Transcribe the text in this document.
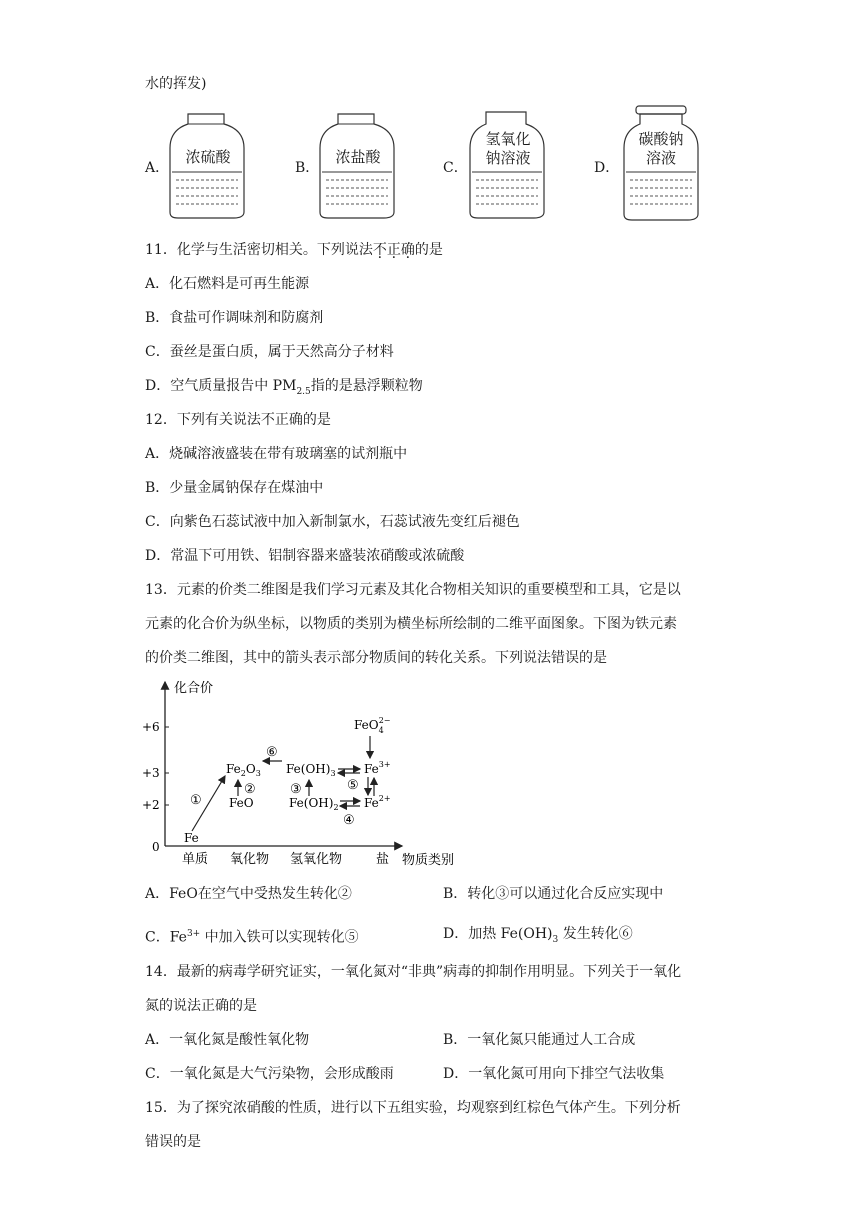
水的挥发)
A．
浓硫酸
B．
浓盐酸
C．
氢氧化
钠溶液
D．
碳酸钠
溶液
11．化学与生活密切相关。下列说法不正确的是
A．化石燃料是可再生能源
B．食盐可作调味剂和防腐剂
C．蚕丝是蛋白质，属于天然高分子材料
D．空气质量报告中 $PM_{2.5}$指的是悬浮颗粒物
12．下列有关说法不正确的是
A．烧碱溶液盛装在带有玻璃塞的试剂瓶中
B．少量金属钠保存在煤油中
C．向紫色石蕊试液中加入新制氯水，石蕊试液先变红后褪色
D．常温下可用铁、铝制容器来盛装浓硝酸或浓硫酸
13．元素的价类二维图是我们学习元素及其化合物相关知识的重要模型和工具，它是以
元素的化合价为纵坐标，以物质的类别为横坐标所绘制的二维平面图象。下图为铁元素
的价类二维图，其中的箭头表示部分物质间的转化关系。下列说法错误的是
化合价
物质类别
+6
+3
+2
0
单质 氧化物 氢氧化物	盐
Fe
FeO
$Fe_2O_3$ $Fe(OH)_3$
$Fe(OH)_2$
$Fe^{3+}$
$Fe^{2+}$
FeO$_4$2−
①
②	③
④
⑤
⑥
A．FeO在空气中受热发生转化②	B．转化③可以通过化合反应实现中
C．$Fe^{3+}$ 中加入铁可以实现转化⑤	D．加热 $Fe(OH)_3$ 发生转化⑥
14．最新的病毒学研究证实，一氧化氮对“非典”病毒的抑制作用明显。下列关于一氧化
氮的说法正确的是
A．一氧化氮是酸性氧化物	B．一氧化氮只能通过人工合成
C．一氧化氮是大气污染物，会形成酸雨	D．一氧化氮可用向下排空气法收集
15．为了探究浓硝酸的性质，进行以下五组实验，均观察到红棕色气体产生。下列分析
错误的是
